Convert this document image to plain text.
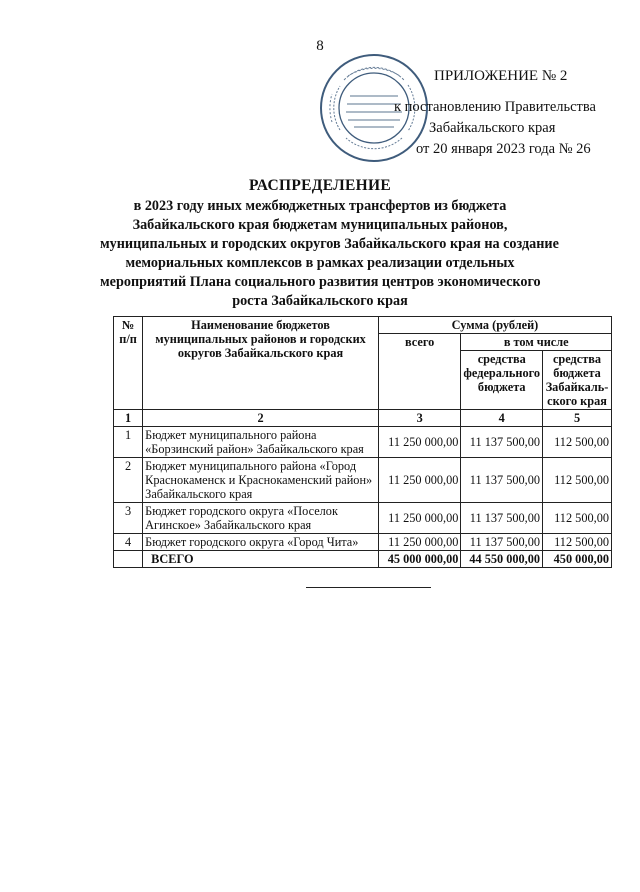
8
ПРИЛОЖЕНИЕ № 2
к постановлению Правительства
Забайкальского края
от 20 января 2023 года № 26
РАСПРЕДЕЛЕНИЕ
в 2023 году иных межбюджетных трансфертов из бюджета
Забайкальского края бюджетам муниципальных районов,
муниципальных и городских округов Забайкальского края на создание
мемориальных комплексов в рамках реализации отдельных
мероприятий Плана социального развития центров экономического
роста Забайкальского края
№ п/п	Наименование бюджетов муниципальных районов и городских округов Забайкальского края	Сумма (рублей)		
		всего	в том числе	
			средства федерального бюджета	средства бюджета Забайкаль-ского края
1	2	3	4	5
1	Бюджет муниципального района «Борзинский район» Забайкальского края	11 250 000,00	11 137 500,00	112 500,00
2	Бюджет муниципального района «Город Краснокаменск и Краснокаменский район» Забайкальского края	11 250 000,00	11 137 500,00	112 500,00
3	Бюджет городского округа «Поселок Агинское» Забайкальского края	11 250 000,00	11 137 500,00	112 500,00
4	Бюджет городского округа «Город Чита»	11 250 000,00	11 137 500,00	112 500,00
	ВСЕГО	45 000 000,00	44 550 000,00	450 000,00
